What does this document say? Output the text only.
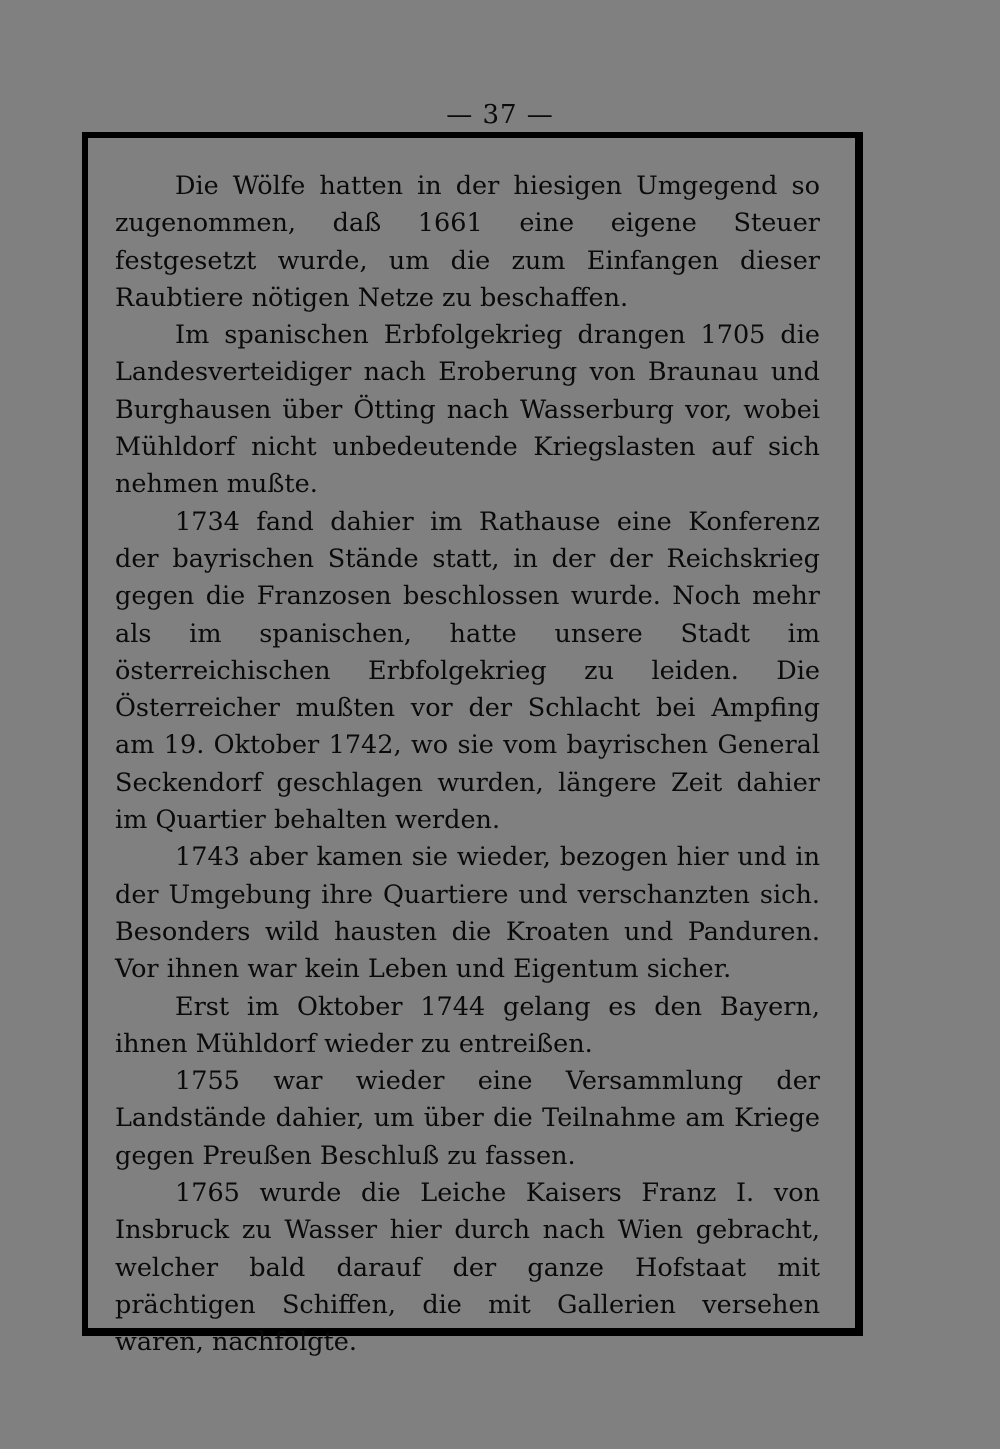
— 37 —

Die Wölfe hatten in der hiesigen Umgegend so zugenommen, daß 1661 eine eigene Steuer festgesetzt wurde, um die zum Einfangen dieser Raubtiere nötigen Netze zu beschaffen.

Im spanischen Erbfolgekrieg drangen 1705 die Landesverteidiger nach Eroberung von Braunau und Burghausen über Ötting nach Wasserburg vor, wobei Mühldorf nicht unbedeutende Kriegslasten auf sich nehmen mußte.

1734 fand dahier im Rathause eine Konferenz der bayrischen Stände statt, in der der Reichskrieg gegen die Franzosen beschlossen wurde. Noch mehr als im spanischen, hatte unsere Stadt im österreichischen Erbfolgekrieg zu leiden. Die Österreicher mußten vor der Schlacht bei Ampfing am 19. Oktober 1742, wo sie vom bayrischen General Seckendorf geschlagen wurden, längere Zeit dahier im Quartier behalten werden.

1743 aber kamen sie wieder, bezogen hier und in der Umgebung ihre Quartiere und verschanzten sich. Besonders wild hausten die Kroaten und Panduren. Vor ihnen war kein Leben und Eigentum sicher.

Erst im Oktober 1744 gelang es den Bayern, ihnen Mühldorf wieder zu entreißen.

1755 war wieder eine Versammlung der Landstände dahier, um über die Teilnahme am Kriege gegen Preußen Beschluß zu fassen.

1765 wurde die Leiche Kaisers Franz I. von Insbruck zu Wasser hier durch nach Wien gebracht, welcher bald darauf der ganze Hofstaat mit prächtigen Schiffen, die mit Gallerien versehen waren, nachfolgte.
